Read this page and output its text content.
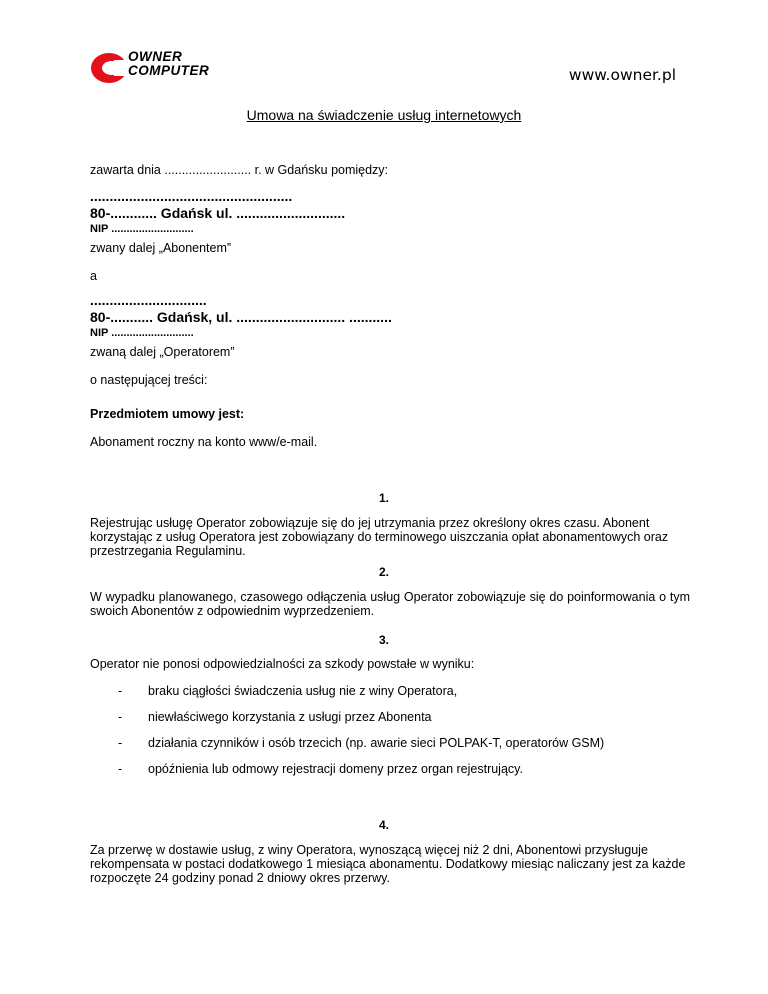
OWNER
COMPUTER	www.owner.pl
Umowa na świadczenie usług internetowych
zawarta dnia ......................... r. w Gdańsku pomiędzy:
....................................................
80-............ Gdańsk ul. ............................
NIP ...........................
zwany dalej „Abonentem”
a
..............................
80-........... Gdańsk, ul. ............................ ...........
NIP ...........................
zwaną dalej „Operatorem”
o następującej treści:
Przedmiotem umowy jest:
Abonament roczny na konto www/e-mail.
1.
Rejestrując usługę Operator zobowiązuje się do jej utrzymania przez określony okres czasu. Abonent korzystając z usług Operatora jest zobowiązany do terminowego uiszczania opłat abonamentowych oraz przestrzegania Regulaminu.
2.
W wypadku planowanego, czasowego odłączenia usług Operator zobowiązuje się do poinformowania o tym swoich Abonentów z odpowiednim wyprzedzeniem.
3.
Operator nie ponosi odpowiedzialności za szkody powstałe w wyniku:
- braku ciągłości świadczenia usług nie z winy Operatora,
- niewłaściwego korzystania z usługi przez Abonenta
- działania czynników i osób trzecich (np. awarie sieci POLPAK-T, operatorów GSM)
- opóźnienia lub odmowy rejestracji domeny przez organ rejestrujący.
4.
Za przerwę w dostawie usług, z winy Operatora, wynoszącą więcej niż 2 dni, Abonentowi przysługuje rekompensata w postaci dodatkowego 1 miesiąca abonamentu. Dodatkowy miesiąc naliczany jest za każde rozpoczęte 24 godziny ponad 2 dniowy okres przerwy.
